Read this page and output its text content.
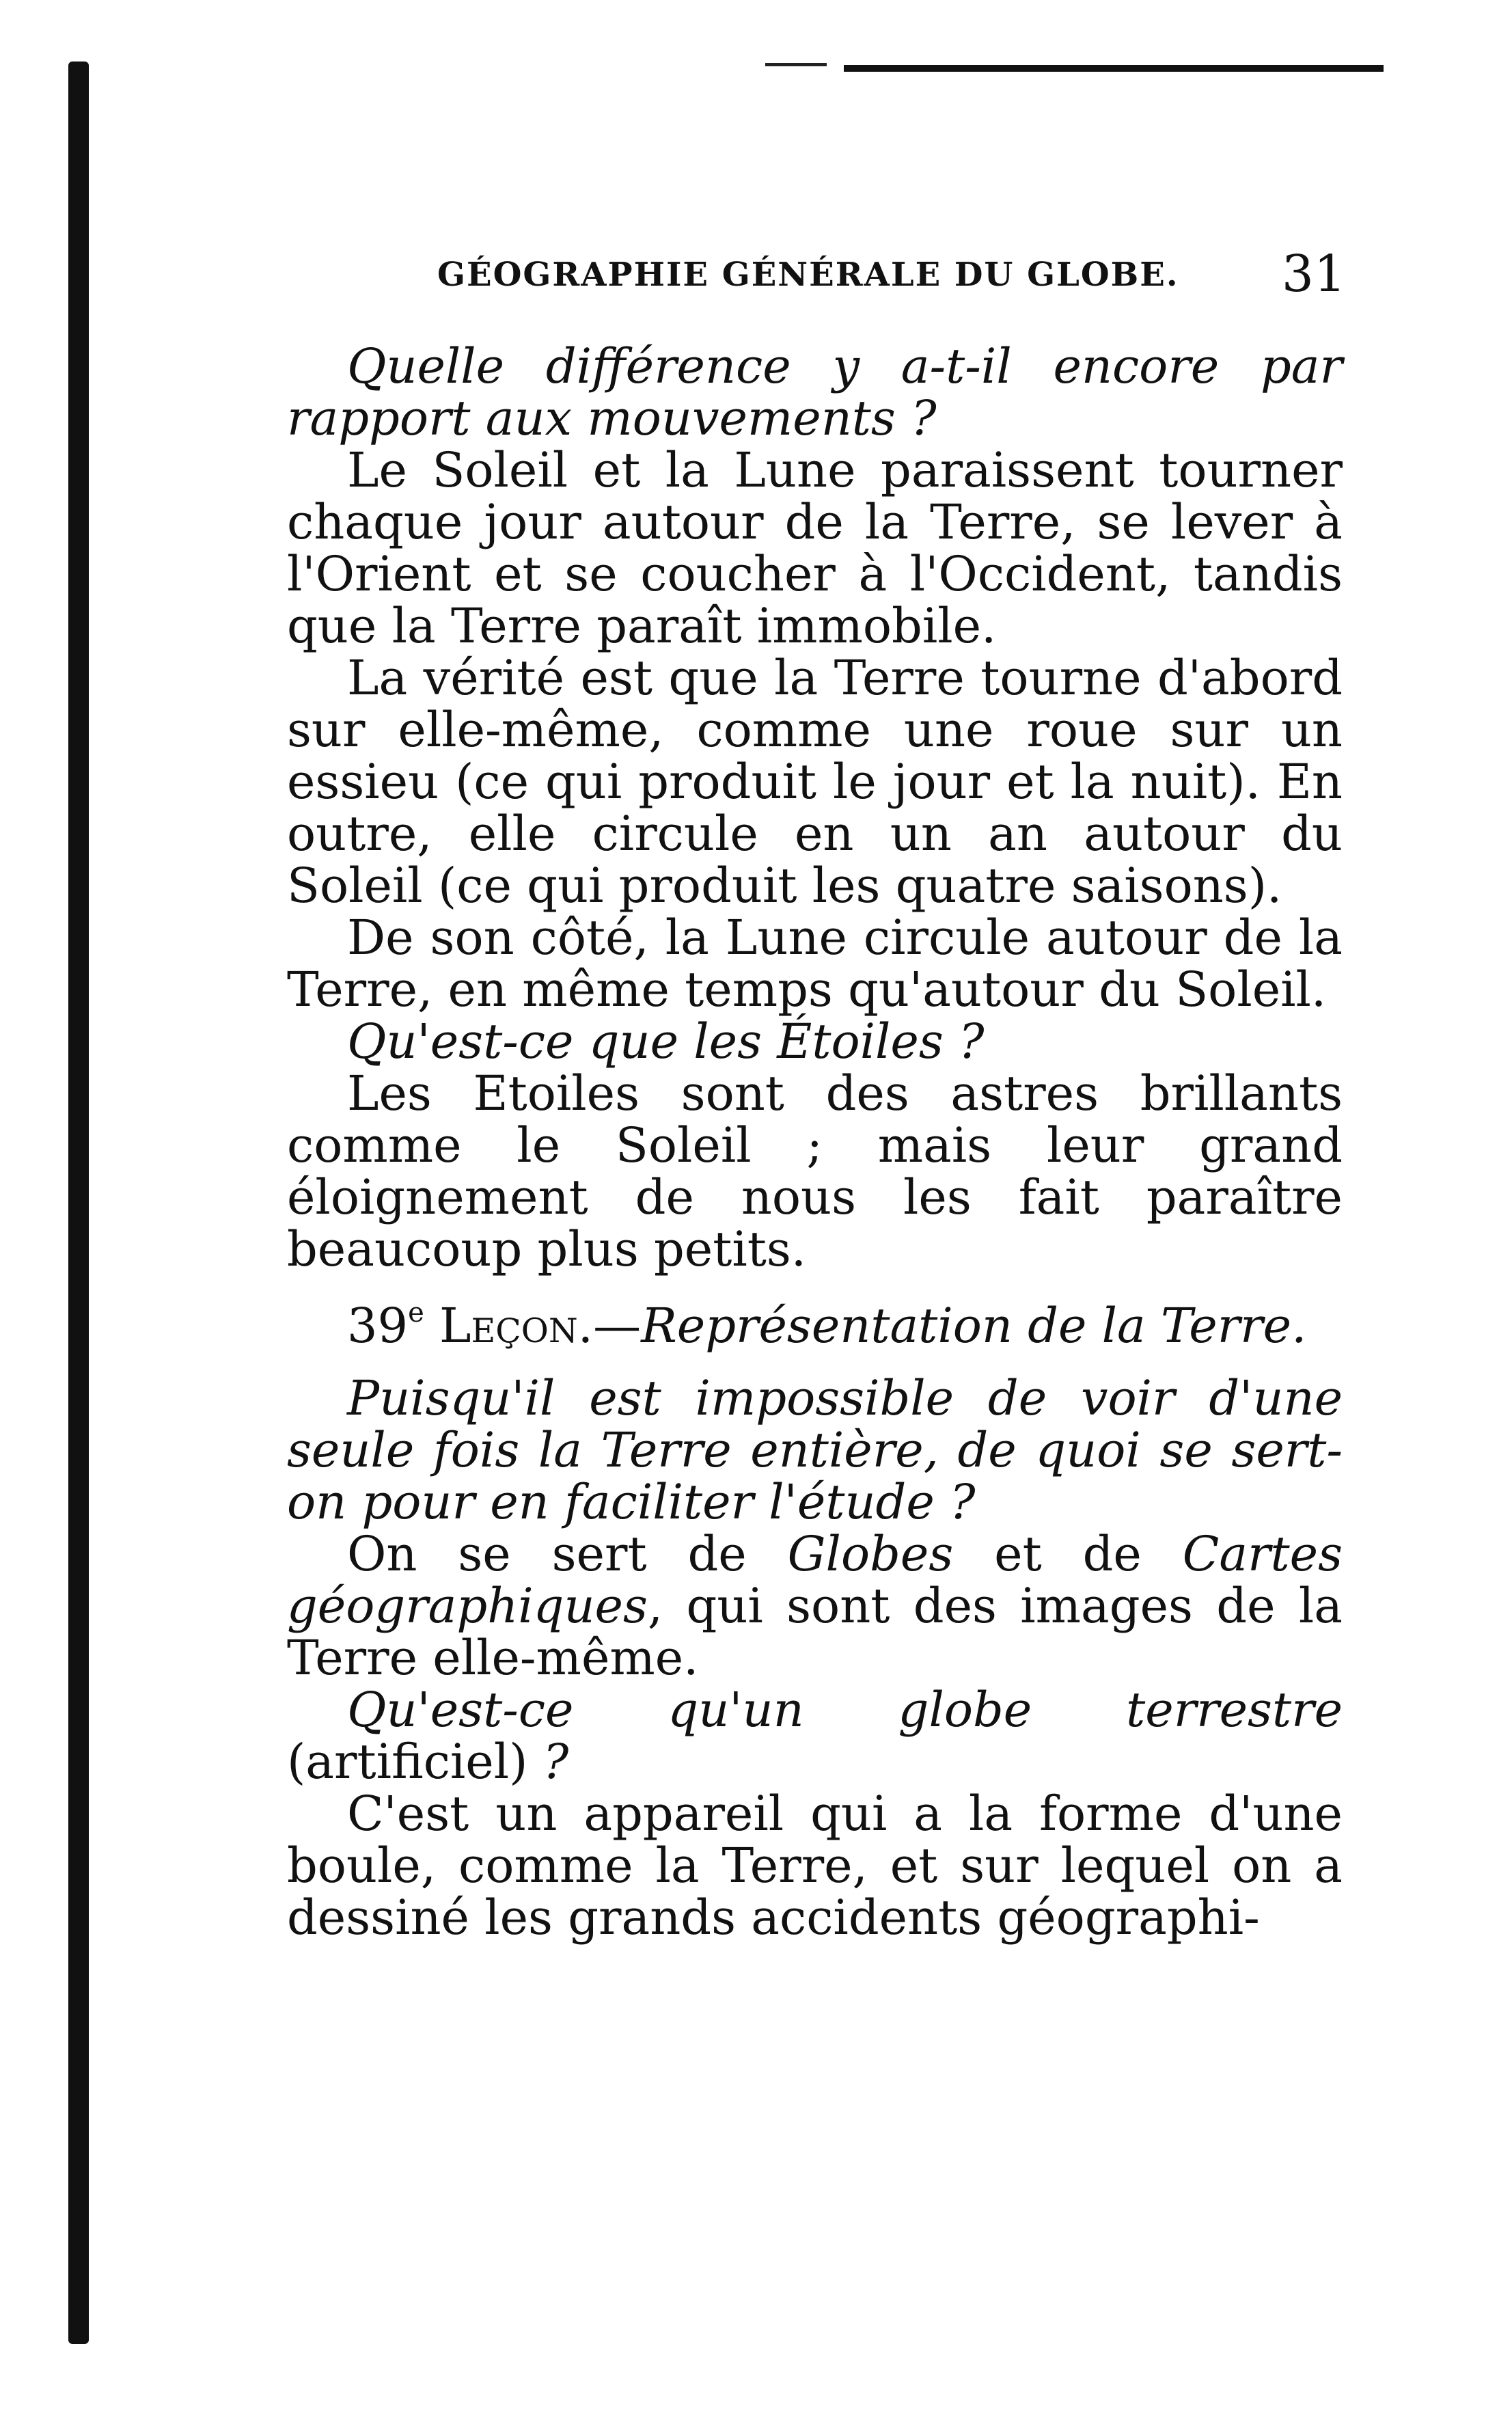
GÉOGRAPHIE GÉNÉRALE DU GLOBE. 31

Quelle différence y a-t-il encore par rapport aux mouvements ?

Le Soleil et la Lune paraissent tourner chaque jour autour de la Terre, se lever à l'Orient et se coucher à l'Occident, tandis que la Terre paraît immobile.

La vérité est que la Terre tourne d'abord sur elle-même, comme une roue sur un essieu (ce qui produit le jour et la nuit). En outre, elle circule en un an autour du Soleil (ce qui produit les quatre saisons).

De son côté, la Lune circule autour de la Terre, en même temps qu'autour du Soleil.

Qu'est-ce que les Étoiles ?

Les Etoiles sont des astres brillants comme le Soleil ; mais leur grand éloignement de nous les fait paraître beaucoup plus petits.

39e Leçon.—Représentation de la Terre.

Puisqu'il est impossible de voir d'une seule fois la Terre entière, de quoi se sert-on pour en faciliter l'étude ?

On se sert de Globes et de Cartes géographiques, qui sont des images de la Terre elle-même.

Qu'est-ce qu'un globe terrestre (artificiel) ?

C'est un appareil qui a la forme d'une boule, comme la Terre, et sur lequel on a dessiné les grands accidents géographi-
